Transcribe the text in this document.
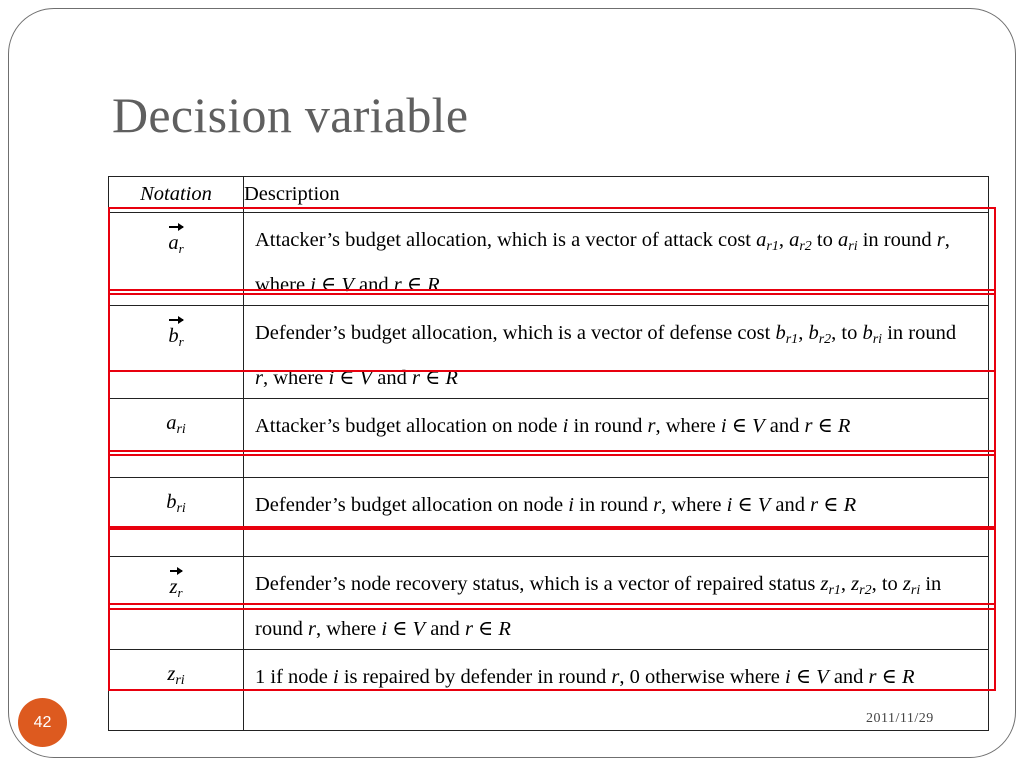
Decision variable
Notation	Description
ar	Attacker’s budget allocation, which is a vector of attack cost $a_{r1}$, $a_{r2}$ to $a_{ri}$ in round r, where i ∈ V and r ∈ R
br	Defender’s budget allocation, which is a vector of defense cost $b_{r1}$, $b_{r2}$, to $b_{ri}$ in round r, where i ∈ V and r ∈ R
$a_{ri}$	Attacker’s budget allocation on node i in round r, where i ∈ V and r ∈ R
$b_{ri}$	Defender’s budget allocation on node i in round r, where i ∈ V and r ∈ R
zr	Defender’s node recovery status, which is a vector of repaired status $z_{r1}$, $z_{r2}$, to $z_{ri}$ in round r, where i ∈ V and r ∈ R
$z_{ri}$	1 if node i is repaired by defender in round r, 0 otherwise where i ∈ V and r ∈ R
42	2011/11/29
